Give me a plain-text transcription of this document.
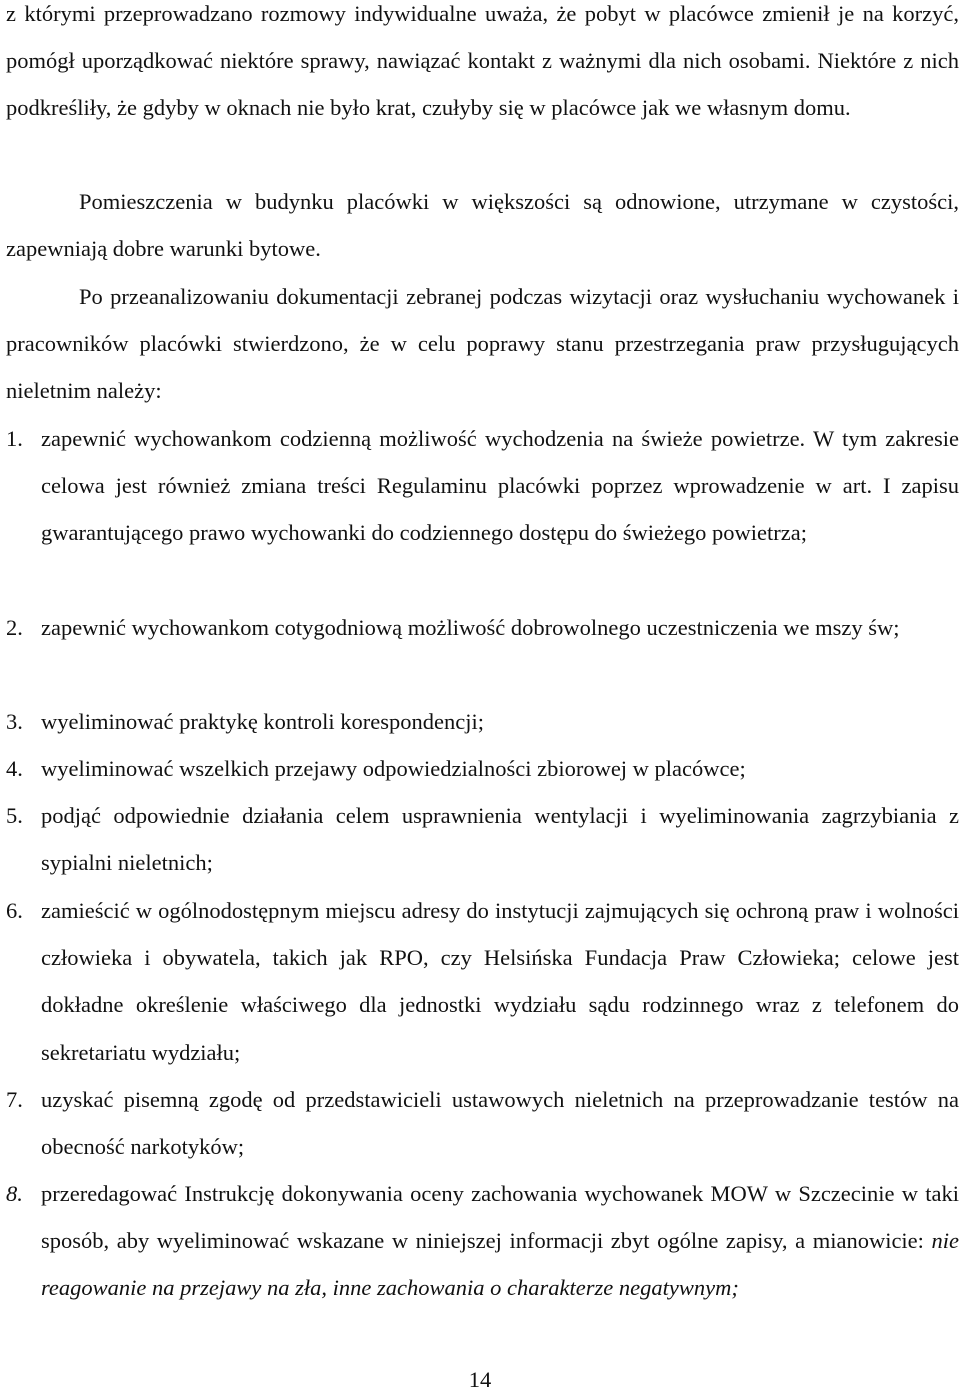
z którymi przeprowadzano rozmowy indywidualne uważa, że pobyt w placówce zmienił je na korzyć, pomógł uporządkować niektóre sprawy, nawiązać kontakt z ważnymi dla nich osobami. Niektóre z nich podkreśliły, że gdyby w oknach nie było krat, czułyby się w placówce jak we własnym domu.

Pomieszczenia w budynku placówki w większości są odnowione, utrzymane w czystości, zapewniają dobre warunki bytowe.

Po przeanalizowaniu dokumentacji zebranej podczas wizytacji oraz wysłuchaniu wychowanek i pracowników placówki stwierdzono, że w celu poprawy stanu przestrzegania praw przysługujących nieletnim należy:

1. zapewnić wychowankom codzienną możliwość wychodzenia na świeże powietrze. W tym zakresie celowa jest również zmiana treści Regulaminu placówki poprzez wprowadzenie w art. I zapisu gwarantującego prawo wychowanki do codziennego dostępu do świeżego powietrza;
2. zapewnić wychowankom cotygodniową możliwość dobrowolnego uczestniczenia we mszy św;
3. wyeliminować praktykę kontroli korespondencji;
4. wyeliminować wszelkich przejawy odpowiedzialności zbiorowej w placówce;
5. podjąć odpowiednie działania celem usprawnienia wentylacji i wyeliminowania zagrzybiania z sypialni nieletnich;
6. zamieścić w ogólnodostępnym miejscu adresy do instytucji zajmujących się ochroną praw i wolności człowieka i obywatela, takich jak RPO, czy Helsińska Fundacja Praw Człowieka; celowe jest dokładne określenie właściwego dla jednostki wydziału sądu rodzinnego wraz z telefonem do sekretariatu wydziału;
7. uzyskać pisemną zgodę od przedstawicieli ustawowych nieletnich na przeprowadzanie testów na obecność narkotyków;
8. przeredagować Instrukcję dokonywania oceny zachowania wychowanek MOW w Szczecinie w taki sposób, aby wyeliminować wskazane w niniejszej informacji zbyt ogólne zapisy, a mianowicie: nie reagowanie na przejawy na zła, inne zachowania o charakterze negatywnym;
14
